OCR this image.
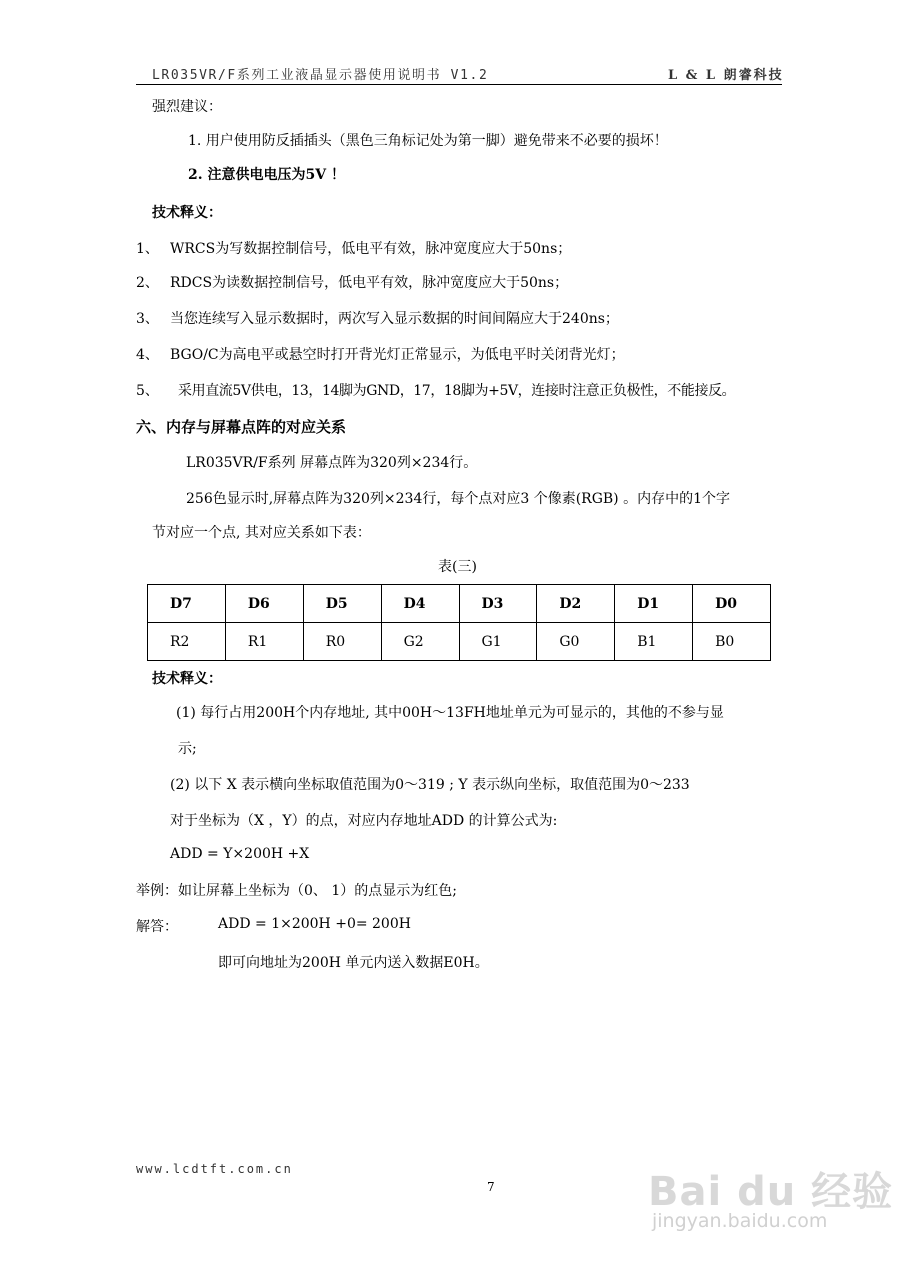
LR035VR/F系列工业液晶显示器使用说明书 V1.2	L & L 朗睿科技
强烈建议：
1. 用户使用防反插插头（黑色三角标记处为第一脚）避免带来不必要的损坏！
2. 注意供电电压为5V ！
技术释义：
1、 WRCS为写数据控制信号，低电平有效，脉冲宽度应大于50ns；
2、 RDCS为读数据控制信号，低电平有效，脉冲宽度应大于50ns；
3、 当您连续写入显示数据时，两次写入显示数据的时间间隔应大于240ns；
4、 BGO/C为高电平或悬空时打开背光灯正常显示，为低电平时关闭背光灯；
5、 采用直流5V供电，13，14脚为GND，17，18脚为+5V，连接时注意正负极性，不能接反。
六、内存与屏幕点阵的对应关系
LR035VR/F系列 屏幕点阵为320列×234行。
256色显示时,屏幕点阵为320列×234行，每个点对应3 个像素(RGB) 。内存中的1个字
节对应一个点, 其对应关系如下表：
表(三)
D7	D6	D5	D4	D3	D2	D1	D0
R2	R1	R0	G2	G1	G0	B1	B0
技术释义：
(1) 每行占用200H个内存地址, 其中00H～13FH地址单元为可显示的，其他的不参与显
示;
(2) 以下 X 表示横向坐标取值范围为0～319 ; Y 表示纵向坐标，取值范围为0～233
对于坐标为（X ，Y）的点，对应内存地址ADD 的计算公式为:
ADD = Y×200H +X
举例：如让屏幕上坐标为（0、 1）的点显示为红色;
解答：	ADD = 1×200H +0= 200H
即可向地址为200H 单元内送入数据E0H。
www.lcdtft.com.cn
7	Bai du 经验
jingyan.baidu.com
